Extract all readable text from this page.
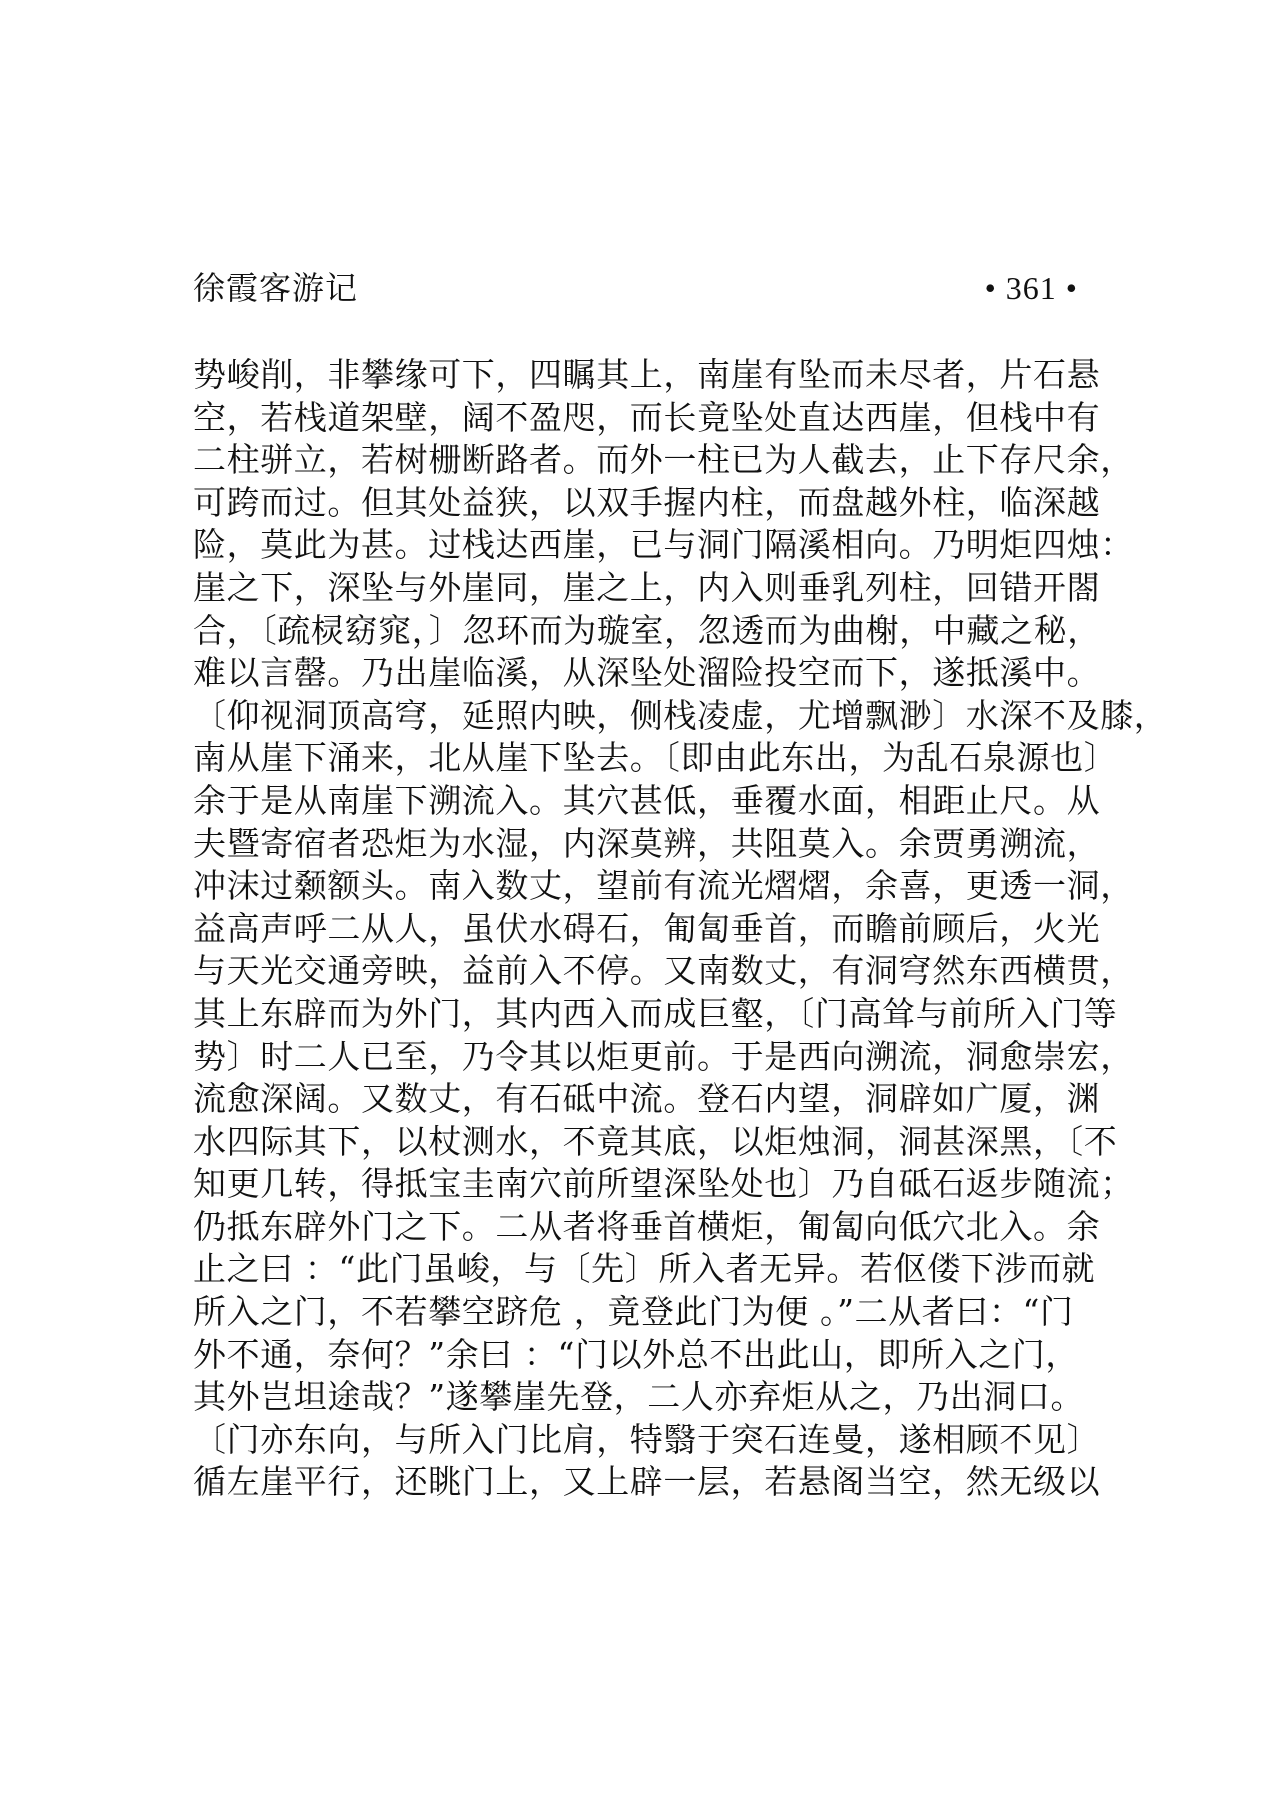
徐霞客游记	• 361 •
势峻削，非攀缘可下，四瞩其上，南崖有坠而未尽者，片石悬
空，若栈道架壁，阔不盈咫，而长竟坠处直达西崖，但栈中有
二柱骈立，若树栅断路者。而外一柱已为人截去，止下存尺余，
可跨而过。但其处益狭，以双手握内柱，而盘越外柱，临深越
险，莫此为甚。过栈达西崖，已与洞门隔溪相向。乃明炬四烛：
崖之下，深坠与外崖同，崖之上，内入则垂乳列柱，回错开閤
合，〔疏棂窈窕，〕忽环而为璇室，忽透而为曲榭，中藏之秘，
难以言罄。乃出崖临溪，从深坠处溜险投空而下，遂抵溪中。
〔仰视洞顶高穹，延照内映，侧栈凌虚，尤增飘渺〕水深不及膝，
南从崖下涌来，北从崖下坠去。〔即由此东出，为乱石泉源也〕
余于是从南崖下溯流入。其穴甚低，垂覆水面，相距止尺。从
夫暨寄宿者恐炬为水湿，内深莫辨，共阻莫入。余贾勇溯流，
冲沫过颡额头。南入数丈，望前有流光熠熠，余喜，更透一洞，
益高声呼二从人，虽伏水碍石，匍匐垂首，而瞻前顾后，火光
与天光交通旁映，益前入不停。又南数丈，有洞穹然东西横贯，
其上东辟而为外门，其内西入而成巨壑，〔门高耸与前所入门等
势〕时二人已至，乃令其以炬更前。于是西向溯流，洞愈崇宏，
流愈深阔。又数丈，有石砥中流。登石内望，洞辟如广厦，渊
水四际其下，以杖测水，不竟其底，以炬烛洞，洞甚深黑，〔不
知更几转，得抵宝圭南穴前所望深坠处也〕乃自砥石返步随流；
仍抵东辟外门之下。二从者将垂首横炬，匍匐向低穴北入。余
止之曰 ：“此门虽峻，与〔先〕所入者无异。若伛偻下涉而就
所入之门，不若攀空跻危 ，竟登此门为便 。”二从者曰：“门
外不通，奈何？”余曰 ：“门以外总不出此山，即所入之门，
其外岂坦途哉？”遂攀崖先登，二人亦弃炬从之，乃出洞口。
〔门亦东向，与所入门比肩，特翳于突石连曼，遂相顾不见〕
循左崖平行，还眺门上，又上辟一层，若悬阁当空，然无级以
